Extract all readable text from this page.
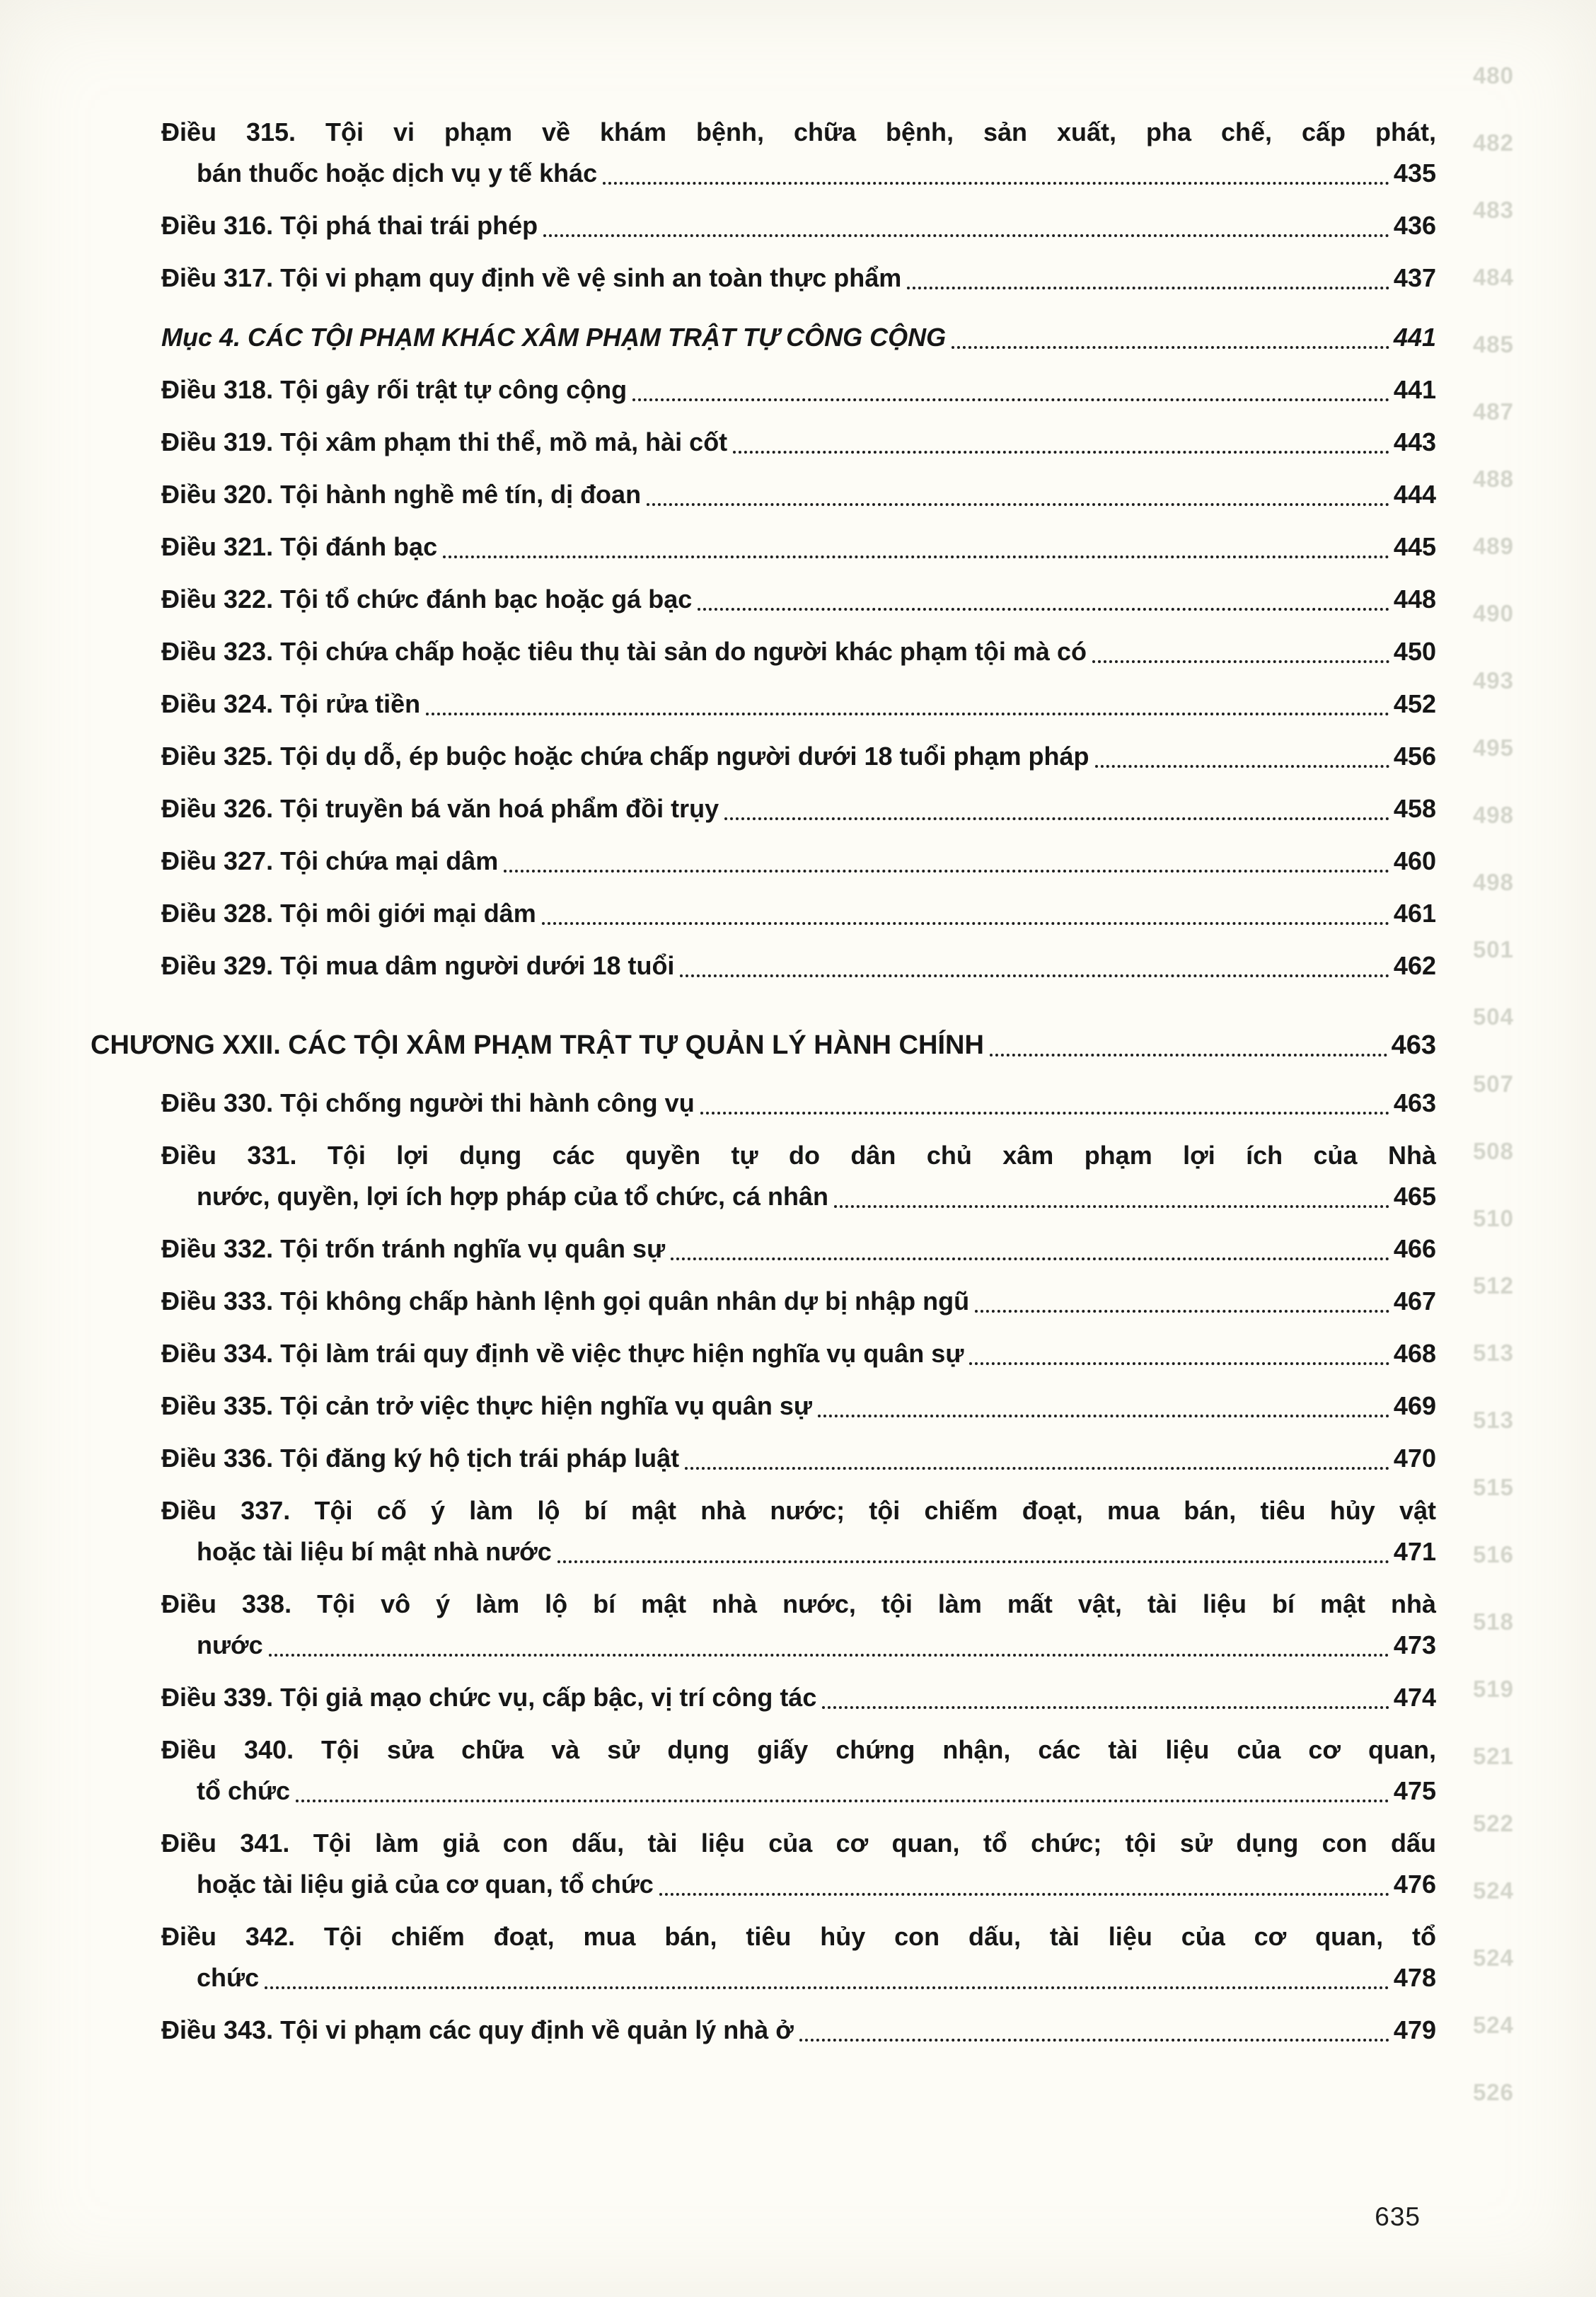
480
482
483
484
485
487
488
489
490
493
495
498
498
501
504
507
508
510
512
513
513
515
516
518
519
521
522
524
524
524
526
Điều 315. Tội vi phạm về khám bệnh, chữa bệnh, sản xuất, pha chế, cấp phát,
bán thuốc hoặc dịch vụ y tế khác	435
Điều 316. Tội phá thai trái phép	436
Điều 317. Tội vi phạm quy định về vệ sinh an toàn thực phẩm	437
Mục 4. CÁC TỘI PHẠM KHÁC XÂM PHẠM TRẬT TỰ CÔNG CỘNG	441
Điều 318. Tội gây rối trật tự công cộng	441
Điều 319. Tội xâm phạm thi thể, mồ mả, hài cốt	443
Điều 320. Tội hành nghề mê tín, dị đoan	444
Điều 321. Tội đánh bạc	445
Điều 322. Tội tổ chức đánh bạc hoặc gá bạc	448
Điều 323. Tội chứa chấp hoặc tiêu thụ tài sản do người khác phạm tội mà có	450
Điều 324. Tội rửa tiền	452
Điều 325. Tội dụ dỗ, ép buộc hoặc chứa chấp người dưới 18 tuổi phạm pháp	456
Điều 326. Tội truyền bá văn hoá phẩm đồi trụy	458
Điều 327. Tội chứa mại dâm	460
Điều 328. Tội môi giới mại dâm	461
Điều 329. Tội mua dâm người dưới 18 tuổi	462
CHƯƠNG XXII. CÁC TỘI XÂM PHẠM TRẬT TỰ QUẢN LÝ HÀNH CHÍNH	463
Điều 330. Tội chống người thi hành công vụ	463
Điều 331. Tội lợi dụng các quyền tự do dân chủ xâm phạm lợi ích của Nhà
nước, quyền, lợi ích hợp pháp của tổ chức, cá nhân	465
Điều 332. Tội trốn tránh nghĩa vụ quân sự	466
Điều 333. Tội không chấp hành lệnh gọi quân nhân dự bị nhập ngũ	467
Điều 334. Tội làm trái quy định về việc thực hiện nghĩa vụ quân sự	468
Điều 335. Tội cản trở việc thực hiện nghĩa vụ quân sự	469
Điều 336. Tội đăng ký hộ tịch trái pháp luật	470
Điều 337. Tội cố ý làm lộ bí mật nhà nước; tội chiếm đoạt, mua bán, tiêu hủy vật
hoặc tài liệu bí mật nhà nước	471
Điều 338. Tội vô ý làm lộ bí mật nhà nước, tội làm mất vật, tài liệu bí mật nhà
nước	473
Điều 339. Tội giả mạo chức vụ, cấp bậc, vị trí công tác	474
Điều 340. Tội sửa chữa và sử dụng giấy chứng nhận, các tài liệu của cơ quan,
tổ chức	475
Điều 341. Tội làm giả con dấu, tài liệu của cơ quan, tổ chức; tội sử dụng con dấu
hoặc tài liệu giả của cơ quan, tổ chức	476
Điều 342. Tội chiếm đoạt, mua bán, tiêu hủy con dấu, tài liệu của cơ quan, tổ
chức	478
Điều 343. Tội vi phạm các quy định về quản lý nhà ở	479
635
